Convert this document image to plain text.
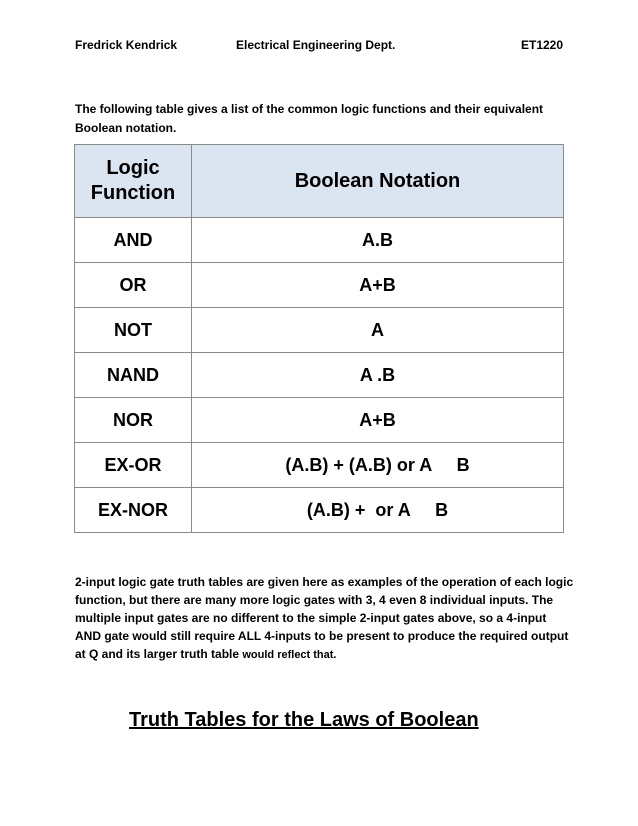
Fredrick Kendrick	Electrical Engineering Dept.	ET1220
The following table gives a list of the common logic functions and their equivalent Boolean notation.
Logic Function	Boolean Notation
AND	A.B
OR	A+B
NOT	A
NAND	A .B
NOR	A+B
EX-OR	(A.B) + (A.B) or A     B
EX-NOR	(A.B) +  or A     B
2-input logic gate truth tables are given here as examples of the operation of each logic function, but there are many more logic gates with 3, 4 even 8 individual inputs. The multiple input gates are no different to the simple 2-input gates above, so a 4-input AND gate would still require ALL 4-inputs to be present to produce the required output at Q and its larger truth table would reflect that.
Truth Tables for the Laws of Boolean
